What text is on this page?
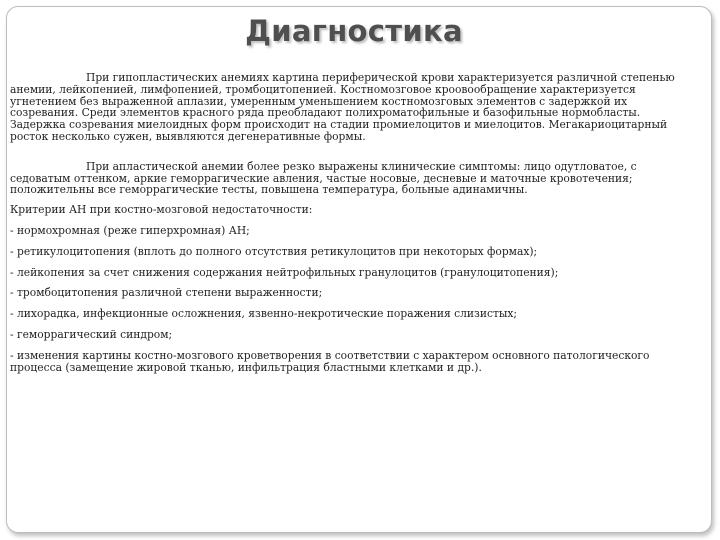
Диагностика

При гипопластических анемиях картина периферической крови характеризуется различной степенью анемии, лейкопенией, лимфопенией, тромбоцитопенией. Костномозговое кроовообращение характеризуется угнетением без выраженной аплазии, умеренным уменьшением костномозговых элементов с задержкой их созревания. Среди элементов красного ряда преобладают полихроматофильные и базофильные нормобласты. Задержка созревания миелоидных форм происходит на стадии промиелоцитов и миелоцитов. Мегакариоцитарный росток несколько сужен, выявляются дегенеративные формы.

При апластической анемии более резко выражены клинические симптомы: лицо одутловатое, с седоватым оттенком, аркие геморрагические авления, частые носовые, десневые и маточные кровотечения; положительны все геморрагические тесты, повышена температура, больные адинамичны.

Критерии АН при костно-мозговой недостаточности:

- нормохромная (реже гиперхромная) АН;

- ретикулоцитопения (вплоть до полного отсутствия ретикулоцитов при некоторых формах);

- лейкопения за счет снижения содержания нейтрофильных гранулоцитов (гранулоцитопения);

- тромбоцитопения различной степени выраженности;

- лихорадка, инфекционные осложнения, язвенно-некротические поражения слизистых;

- геморрагический синдром;

- изменения картины костно-мозгового кроветворения в соответствии с характером основного патологического процесса (замещение жировой тканью, инфильтрация бластными клетками и др.).
